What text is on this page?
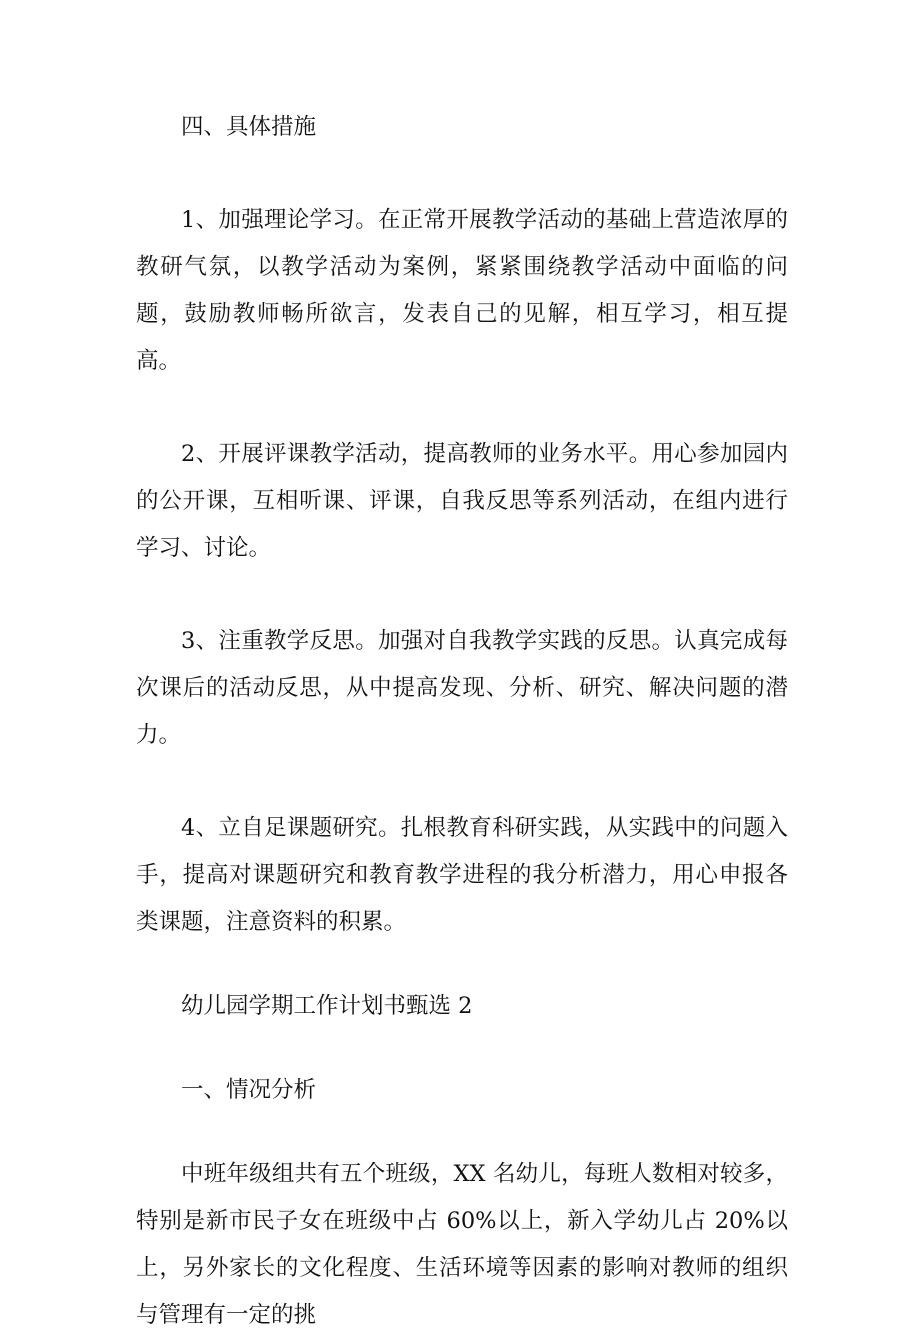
四、具体措施

1、加强理论学习。在正常开展教学活动的基础上营造浓厚的教研气氛，以教学活动为案例，紧紧围绕教学活动中面临的问题，鼓励教师畅所欲言，发表自己的见解，相互学习，相互提高。

2、开展评课教学活动，提高教师的业务水平。用心参加园内的公开课，互相听课、评课，自我反思等系列活动，在组内进行学习、讨论。

3、注重教学反思。加强对自我教学实践的反思。认真完成每次课后的活动反思，从中提高发现、分析、研究、解决问题的潜力。

4、立自足课题研究。扎根教育科研实践，从实践中的问题入手，提高对课题研究和教育教学进程的我分析潜力，用心申报各类课题，注意资料的积累。

幼儿园学期工作计划书甄选 2

一、情况分析

中班年级组共有五个班级，XX 名幼儿，每班人数相对较多，特别是新市民子女在班级中占 60%以上，新入学幼儿占 20%以上，另外家长的文化程度、生活环境等因素的影响对教师的组织与管理有一定的挑
